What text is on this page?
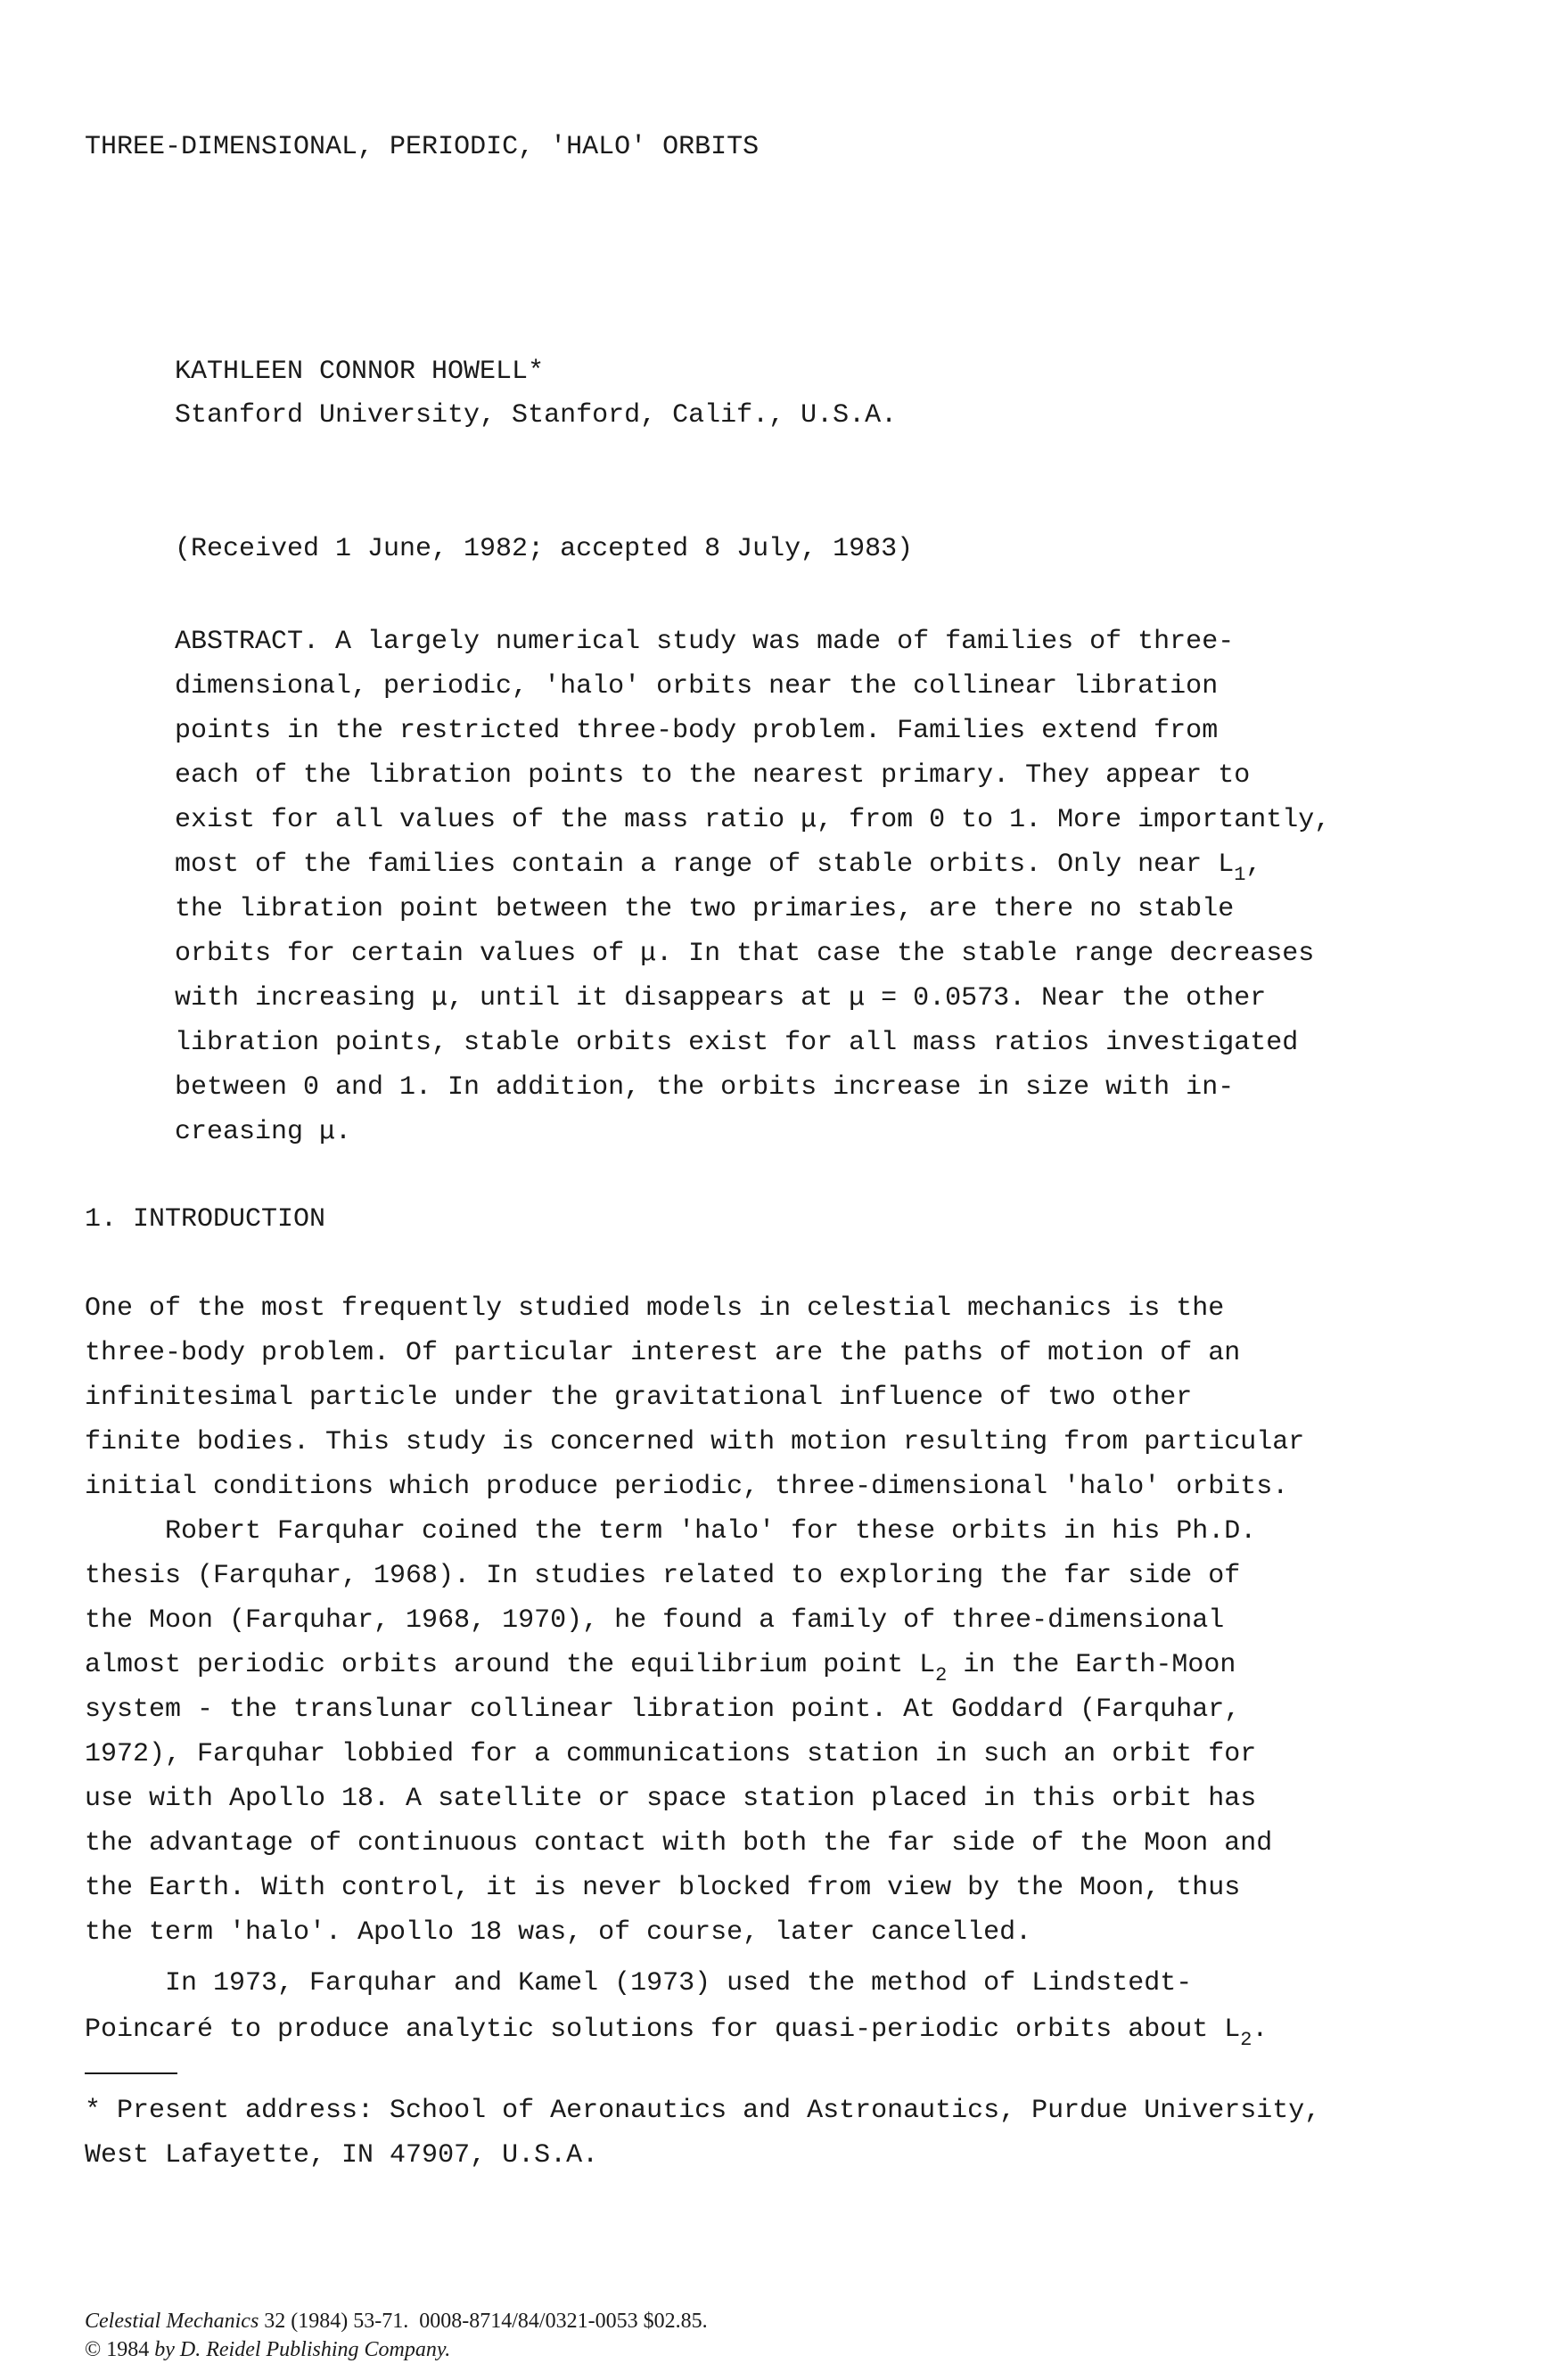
THREE-DIMENSIONAL, PERIODIC, 'HALO' ORBITS
KATHLEEN CONNOR HOWELL*
Stanford University, Stanford, Calif., U.S.A.
(Received 1 June, 1982; accepted 8 July, 1983)
ABSTRACT. A largely numerical study was made of families of three-
dimensional, periodic, 'halo' orbits near the collinear libration
points in the restricted three-body problem. Families extend from
each of the libration points to the nearest primary. They appear to
exist for all values of the mass ratio μ, from 0 to 1. More importantly,
most of the families contain a range of stable orbits. Only near $L_1$,
the libration point between the two primaries, are there no stable
orbits for certain values of μ. In that case the stable range decreases
with increasing μ, until it disappears at μ = 0.0573. Near the other
libration points, stable orbits exist for all mass ratios investigated
between 0 and 1. In addition, the orbits increase in size with in-
creasing μ.
1. INTRODUCTION
One of the most frequently studied models in celestial mechanics is the
three-body problem. Of particular interest are the paths of motion of an
infinitesimal particle under the gravitational influence of two other
finite bodies. This study is concerned with motion resulting from particular
initial conditions which produce periodic, three-dimensional 'halo' orbits.
Robert Farquhar coined the term 'halo' for these orbits in his Ph.D.
thesis (Farquhar, 1968). In studies related to exploring the far side of
the Moon (Farquhar, 1968, 1970), he found a family of three-dimensional
almost periodic orbits around the equilibrium point $L_2$ in the Earth-Moon
system - the translunar collinear libration point. At Goddard (Farquhar,
1972), Farquhar lobbied for a communications station in such an orbit for
use with Apollo 18. A satellite or space station placed in this orbit has
the advantage of continuous contact with both the far side of the Moon and
the Earth. With control, it is never blocked from view by the Moon, thus
the term 'halo'. Apollo 18 was, of course, later cancelled.
In 1973, Farquhar and Kamel (1973) used the method of Lindstedt-
Poincaré to produce analytic solutions for quasi-periodic orbits about $L_2$.
* Present address: School of Aeronautics and Astronautics, Purdue University,
West Lafayette, IN 47907, U.S.A.
Celestial Mechanics 32 (1984) 53-71.  0008-8714/84/0321-0053 $02.85.
© 1984 by D. Reidel Publishing Company.
